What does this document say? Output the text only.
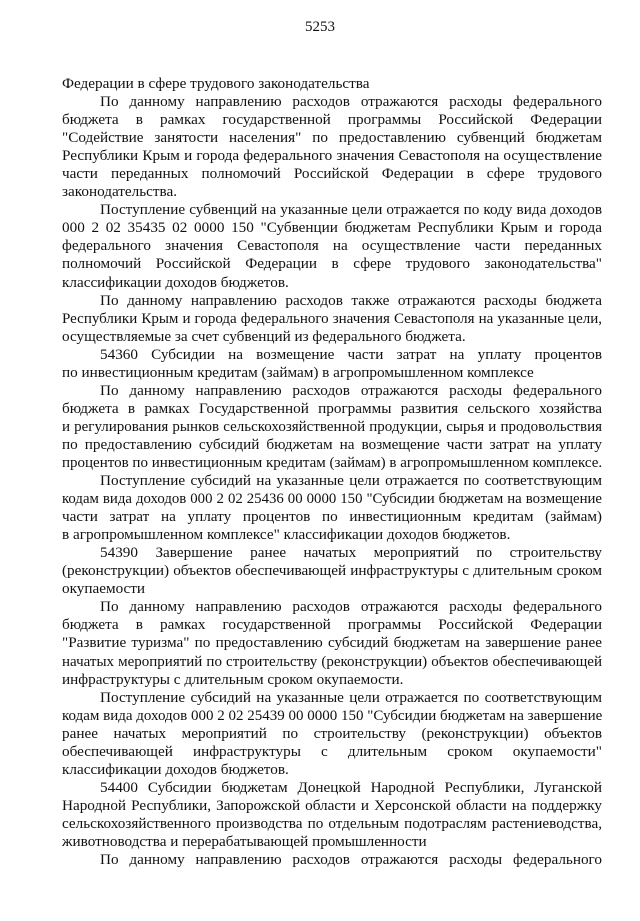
5253
Федерации в сфере трудового законодательства
По данному направлению расходов отражаются расходы федерального
бюджета в рамках государственной программы Российской Федерации
"Содействие занятости населения" по предоставлению субвенций бюджетам
Республики Крым и города федерального значения Севастополя на осуществление
части переданных полномочий Российской Федерации в сфере трудового
законодательства.
Поступление субвенций на указанные цели отражается по коду вида доходов
000 2 02 35435 02 0000 150 "Субвенции бюджетам Республики Крым и города
федерального значения Севастополя на осуществление части переданных
полномочий Российской Федерации в сфере трудового законодательства"
классификации доходов бюджетов.
По данному направлению расходов также отражаются расходы бюджета
Республики Крым и города федерального значения Севастополя на указанные цели,
осуществляемые за счет субвенций из федерального бюджета.
54360 Субсидии на возмещение части затрат на уплату процентов
по инвестиционным кредитам (займам) в агропромышленном комплексе
По данному направлению расходов отражаются расходы федерального
бюджета в рамках Государственной программы развития сельского хозяйства
и регулирования рынков сельскохозяйственной продукции, сырья и продовольствия
по предоставлению субсидий бюджетам на возмещение части затрат на уплату
процентов по инвестиционным кредитам (займам) в агропромышленном комплексе.
Поступление субсидий на указанные цели отражается по соответствующим
кодам вида доходов 000 2 02 25436 00 0000 150 "Субсидии бюджетам на возмещение
части затрат на уплату процентов по инвестиционным кредитам (займам)
в агропромышленном комплексе" классификации доходов бюджетов.
54390 Завершение ранее начатых мероприятий по строительству
(реконструкции) объектов обеспечивающей инфраструктуры с длительным сроком
окупаемости
По данному направлению расходов отражаются расходы федерального
бюджета в рамках государственной программы Российской Федерации
"Развитие туризма" по предоставлению субсидий бюджетам на завершение ранее
начатых мероприятий по строительству (реконструкции) объектов обеспечивающей
инфраструктуры с длительным сроком окупаемости.
Поступление субсидий на указанные цели отражается по соответствующим
кодам вида доходов 000 2 02 25439 00 0000 150 "Субсидии бюджетам на завершение
ранее начатых мероприятий по строительству (реконструкции) объектов
обеспечивающей инфраструктуры с длительным сроком окупаемости"
классификации доходов бюджетов.
54400 Субсидии бюджетам Донецкой Народной Республики, Луганской
Народной Республики, Запорожской области и Херсонской области на поддержку
сельскохозяйственного производства по отдельным подотраслям растениеводства,
животноводства и перерабатывающей промышленности
По данному направлению расходов отражаются расходы федерального
